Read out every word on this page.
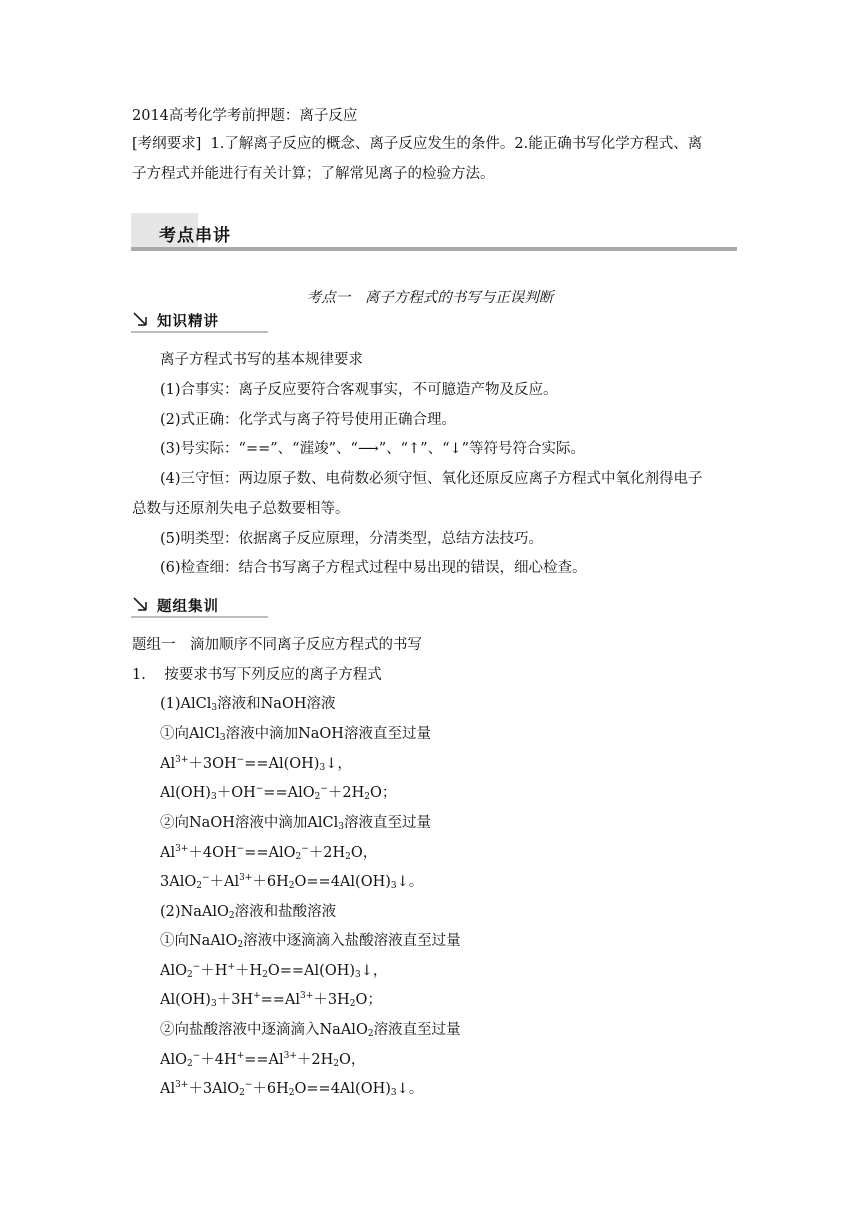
2014高考化学考前押题：离子反应
[考纲要求] 1.了解离子反应的概念、离子反应发生的条件。2.能正确书写化学方程式、离
子方程式并能进行有关计算；了解常见离子的检验方法。
考点串讲
考点一　离子方程式的书写与正误判断
知识精讲
离子方程式书写的基本规律要求
(1)合事实：离子反应要符合客观事实，不可臆造产物及反应。
(2)式正确：化学式与离子符号使用正确合理。
(3)号实际：“==”、“漄竣”、“⟶”、“↑”、“↓”等符号符合实际。
(4)三守恒：两边原子数、电荷数必须守恒、氧化还原反应离子方程式中氧化剂得电子
总数与还原剂失电子总数要相等。
(5)明类型：依据离子反应原理，分清类型，总结方法技巧。
(6)检查细：结合书写离子方程式过程中易出现的错误，细心检查。
题组集训
题组一　滴加顺序不同离子反应方程式的书写
1. 按要求书写下列反应的离子方程式
(1)AlCl$_3$溶液和NaOH溶液
①向AlCl$_3$溶液中滴加NaOH溶液直至过量
$Al^{3+}+3OH^-==Al(OH)_3↓$，
$Al(OH)_3+OH^-==AlO_2^-+2H_2O$；
②向NaOH溶液中滴加AlCl$_3$溶液直至过量
$Al^{3+}+4OH^-==AlO_2^-+2H_2O$，
$3AlO_2^-+Al^{3+}+6H_2O==4Al(OH)_3↓$。
(2)NaAlO$_2$溶液和盐酸溶液
①向NaAlO$_2$溶液中逐滴滴入盐酸溶液直至过量
$AlO_2^-+H^++H_2O==Al(OH)_3↓$，
$Al(OH)_3+3H^+==Al^{3+}+3H_2O$；
②向盐酸溶液中逐滴滴入NaAlO$_2$溶液直至过量
$AlO_2^-+4H^+==Al^{3+}+2H_2O$，
$Al^{3+}+3AlO_2^-+6H_2O==4Al(OH)_3↓$。
